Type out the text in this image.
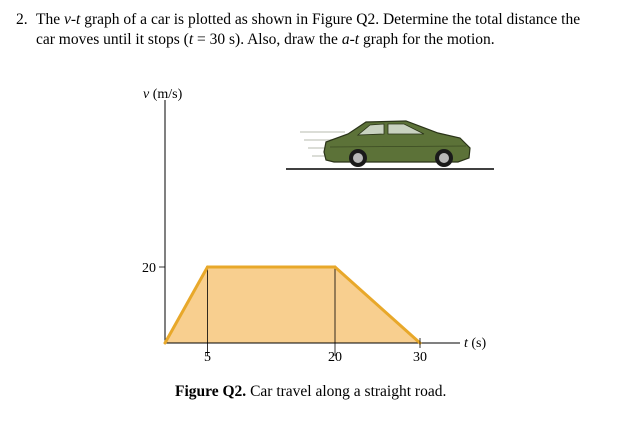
2. The v-t graph of a car is plotted as shown in Figure Q2. Determine the total distance the
car moves until it stops (t = 30 s). Also, draw the a-t graph for the motion.
5	20	30
20
v (m/s)
t (s)
Figure Q2. Car travel along a straight road.
